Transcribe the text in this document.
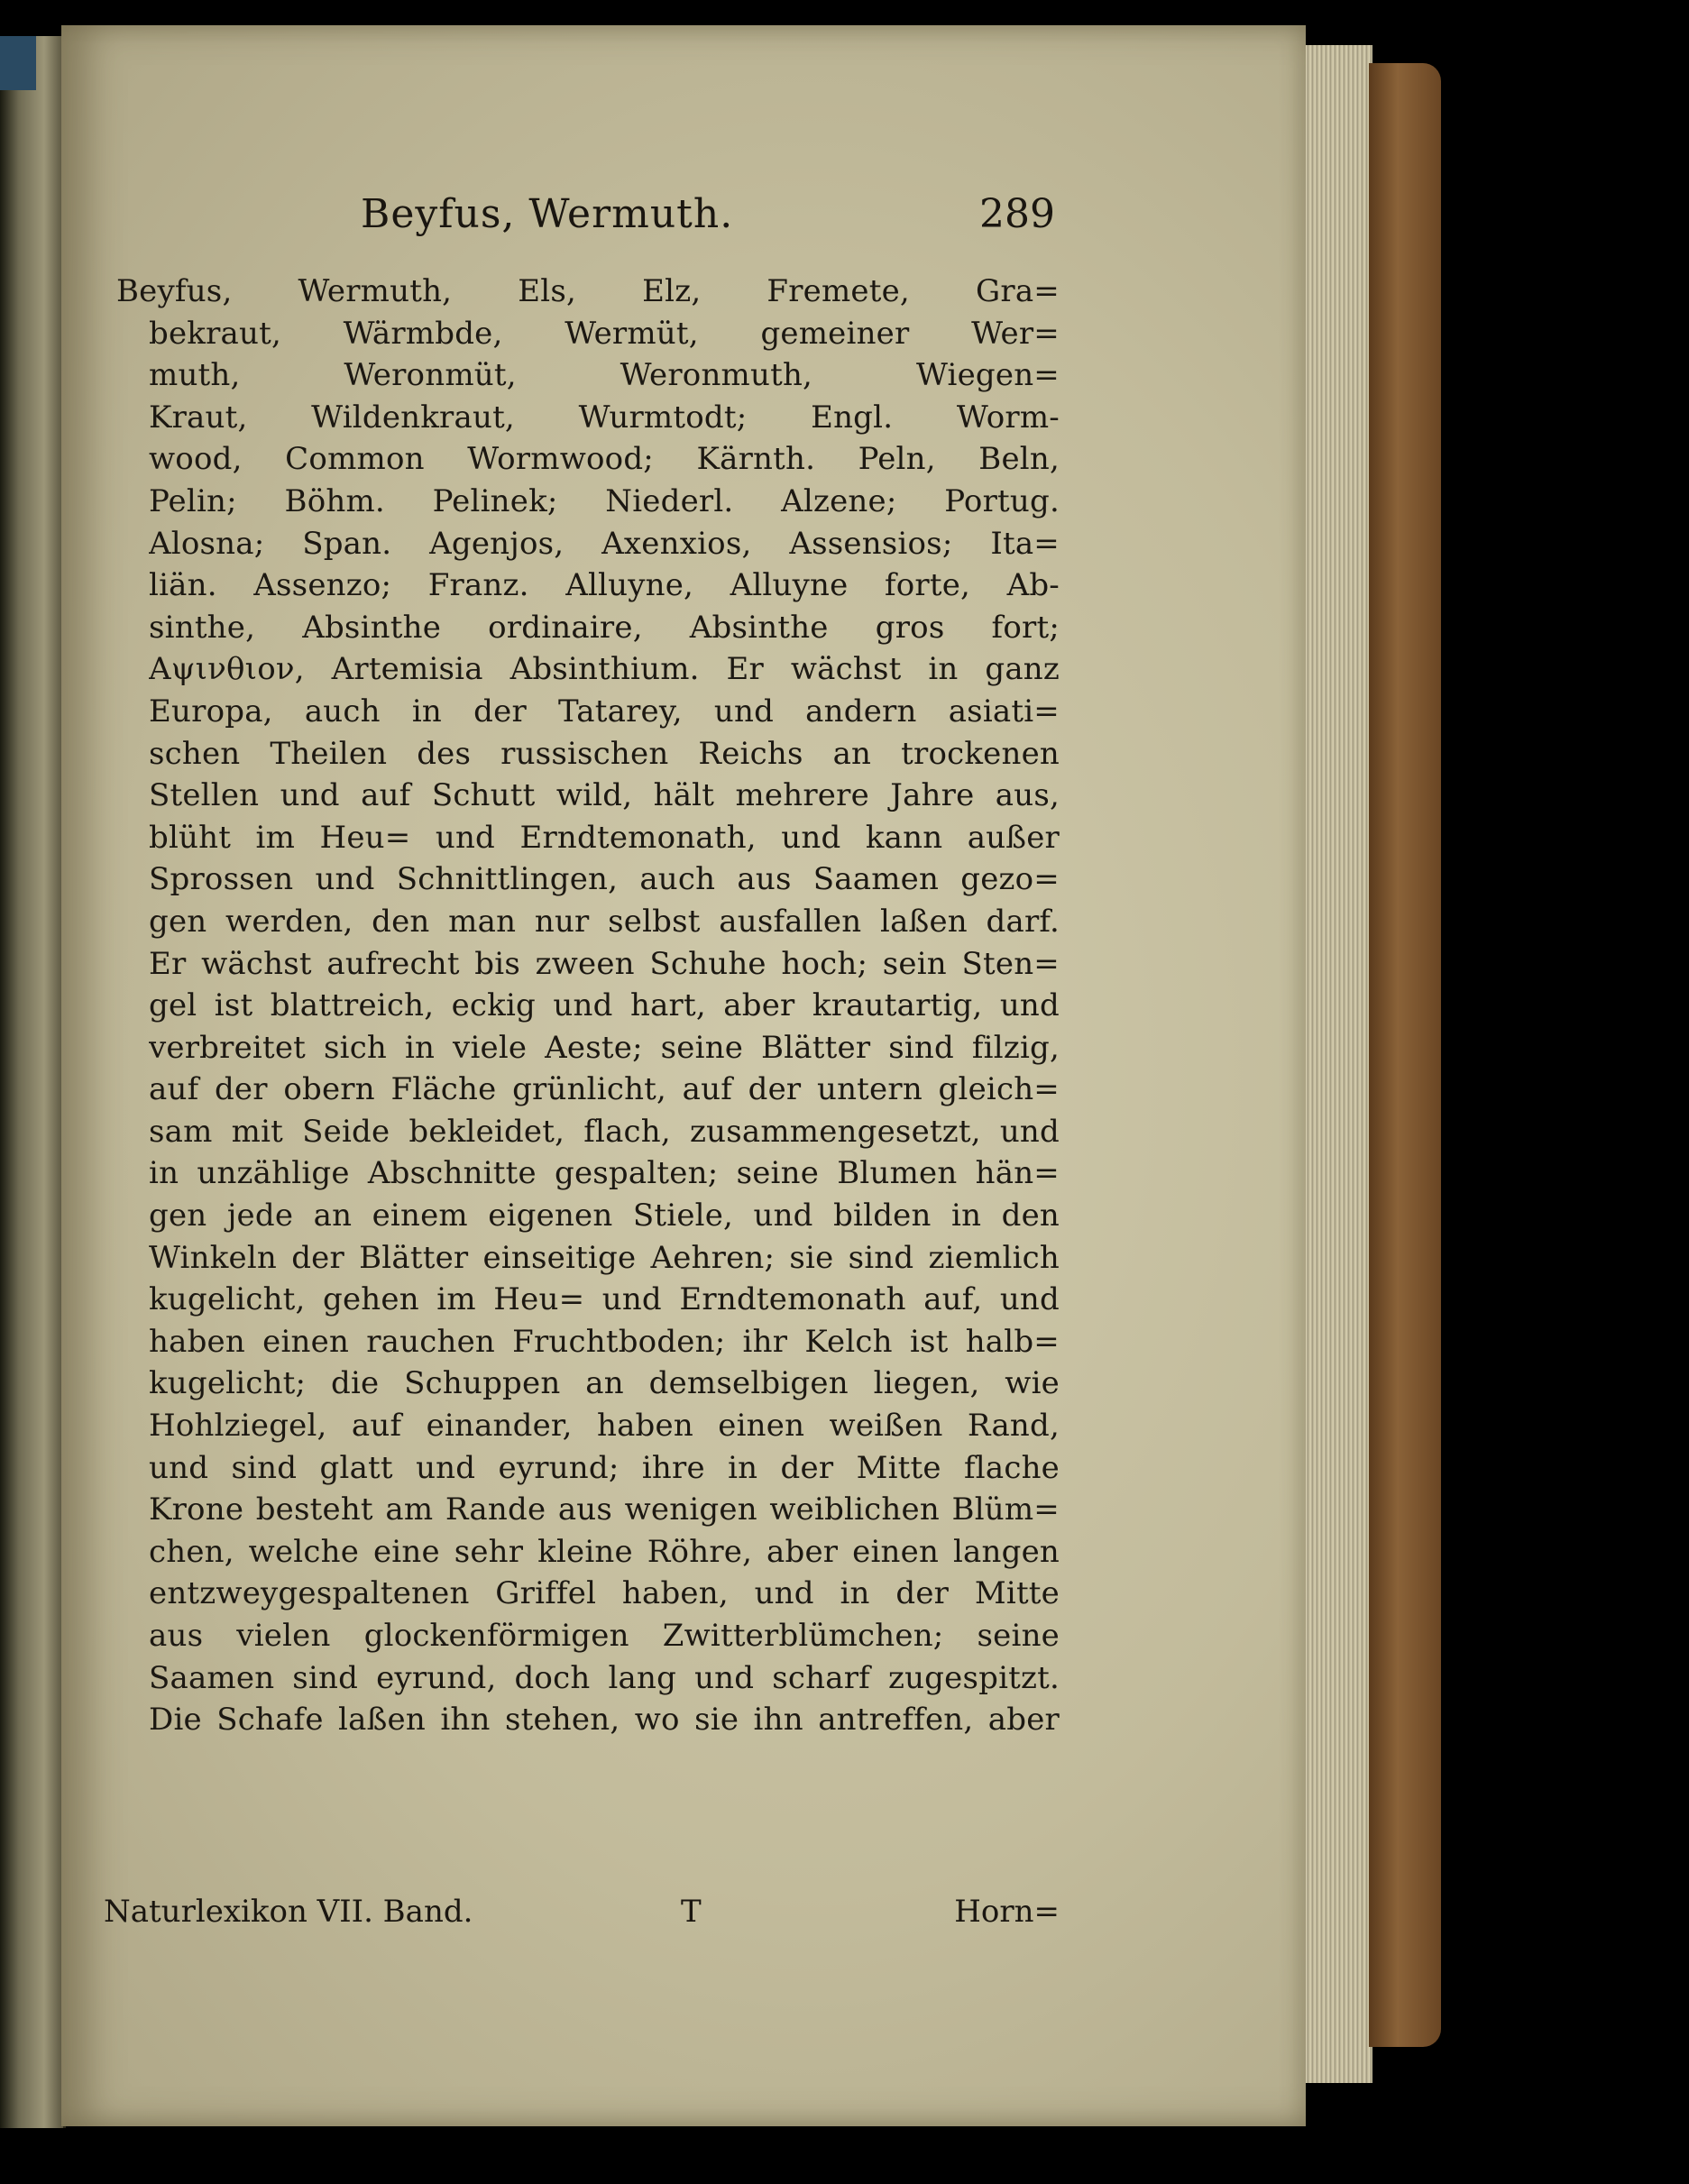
Beyfus, Wermuth.	289
Beyfus, Wermuth, Els, Elz, Fremete, Gra=
bekraut, Wärmbde, Wermüt, gemeiner Wer=
muth, Weronmüt, Weronmuth, Wiegen=
Kraut, Wildenkraut, Wurmtodt; Engl. Worm-
wood, Common Wormwood; Kärnth. Peln, Beln,
Pelin; Böhm. Pelinek; Niederl. Alzene; Portug.
Alosna; Span. Agenjos, Axenxios, Assensios; Ita=
liän. Assenzo; Franz. Alluyne, Alluyne forte, Ab-
sinthe, Absinthe ordinaire, Absinthe gros fort;
Αψινθιον, Artemisia Absinthium. Er wächst in ganz
Europa, auch in der Tatarey, und andern asiati=
schen Theilen des russischen Reichs an trockenen
Stellen und auf Schutt wild, hält mehrere Jahre aus,
blüht im Heu= und Erndtemonath, und kann außer
Sprossen und Schnittlingen, auch aus Saamen gezo=
gen werden, den man nur selbst ausfallen laßen darf.
Er wächst aufrecht bis zween Schuhe hoch; sein Sten=
gel ist blattreich, eckig und hart, aber krautartig, und
verbreitet sich in viele Aeste; seine Blätter sind filzig,
auf der obern Fläche grünlicht, auf der untern gleich=
sam mit Seide bekleidet, flach, zusammengesetzt, und
in unzählige Abschnitte gespalten; seine Blumen hän=
gen jede an einem eigenen Stiele, und bilden in den
Winkeln der Blätter einseitige Aehren; sie sind ziemlich
kugelicht, gehen im Heu= und Erndtemonath auf, und
haben einen rauchen Fruchtboden; ihr Kelch ist halb=
kugelicht; die Schuppen an demselbigen liegen, wie
Hohlziegel, auf einander, haben einen weißen Rand,
und sind glatt und eyrund; ihre in der Mitte flache
Krone besteht am Rande aus wenigen weiblichen Blüm=
chen, welche eine sehr kleine Röhre, aber einen langen
entzweygespaltenen Griffel haben, und in der Mitte
aus vielen glockenförmigen Zwitterblümchen; seine
Saamen sind eyrund, doch lang und scharf zugespitzt.
Die Schafe laßen ihn stehen, wo sie ihn antreffen, aber
Naturlexikon VII. Band.	T	Horn=
